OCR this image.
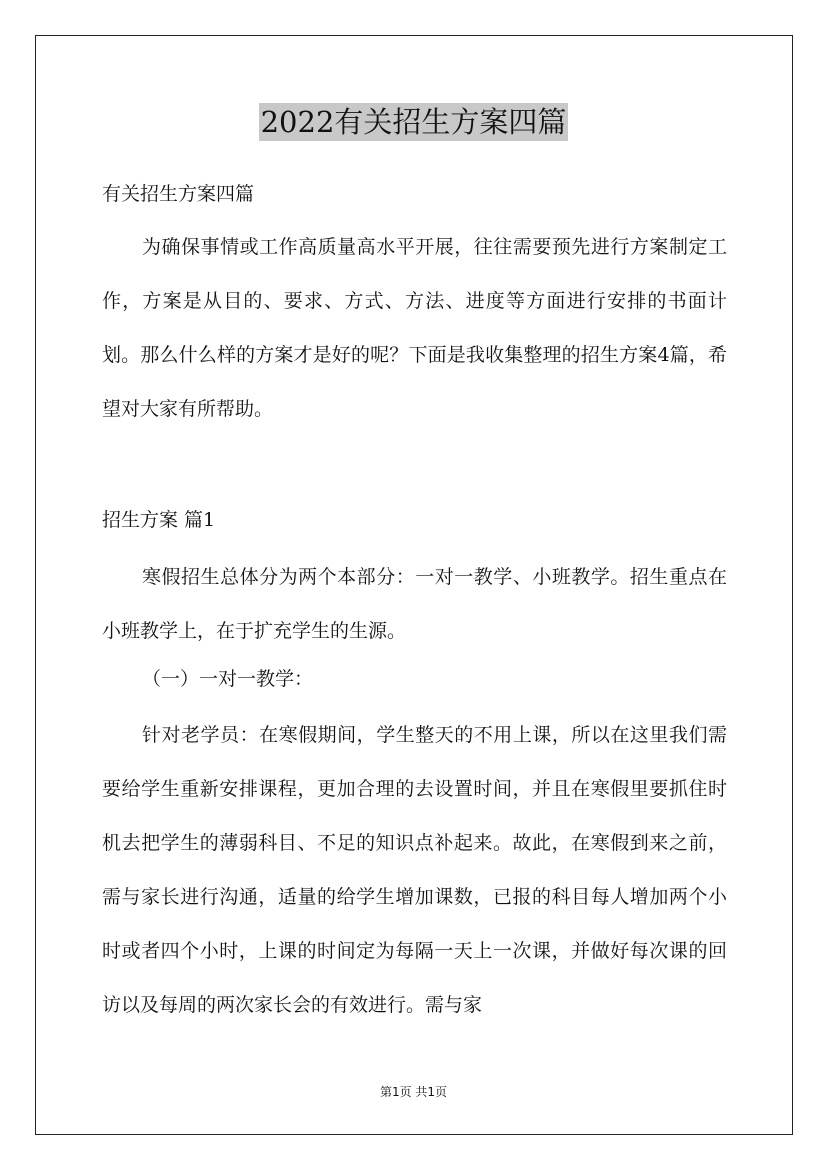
2022有关招生方案四篇
有关招生方案四篇

为确保事情或工作高质量高水平开展，往往需要预先进行方案制定工作，方案是从目的、要求、方式、方法、进度等方面进行安排的书面计划。那么什么样的方案才是好的呢？下面是我收集整理的招生方案4篇，希望对大家有所帮助。

招生方案 篇1

寒假招生总体分为两个本部分：一对一教学、小班教学。招生重点在小班教学上，在于扩充学生的生源。

（一）一对一教学：

针对老学员：在寒假期间，学生整天的不用上课，所以在这里我们需要给学生重新安排课程，更加合理的去设置时间，并且在寒假里要抓住时机去把学生的薄弱科目、不足的知识点补起来。故此，在寒假到来之前，需与家长进行沟通，适量的给学生增加课数，已报的科目每人增加两个小时或者四个小时，上课的时间定为每隔一天上一次课，并做好每次课的回访以及每周的两次家长会的有效进行。需与家

第1页 共1页
